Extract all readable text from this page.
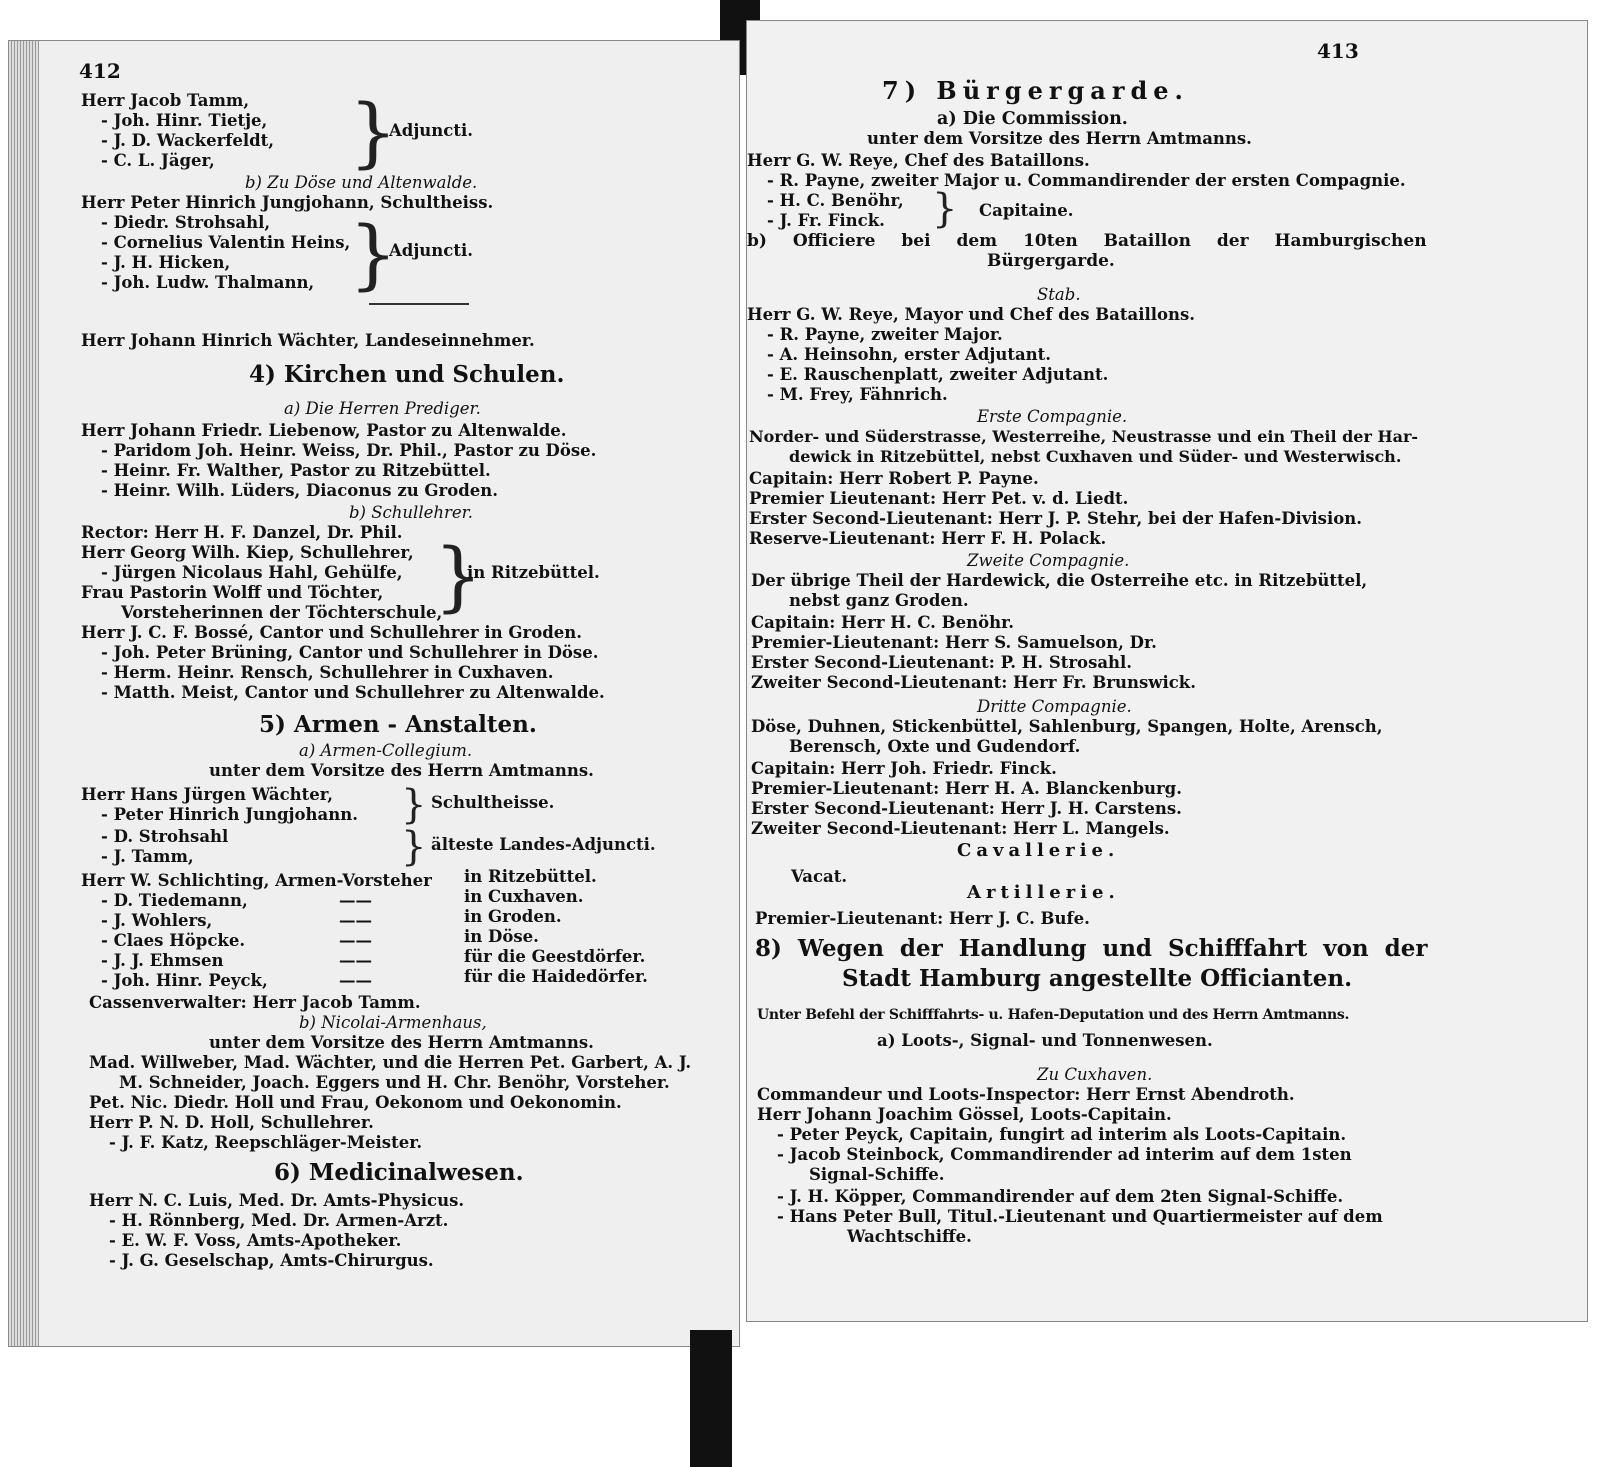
412
Herr Jacob Tamm,
- Joh. Hinr. Tietje,
- J. D. Wackerfeldt,
- C. L. Jäger, }
Adjuncti.
b) Zu Döse und Altenwalde.
Herr Peter Hinrich Jungjohann, Schultheiss.
- Diedr. Strohsahl,
- Cornelius Valentin Heins,
- J. H. Hicken,
- Joh. Ludw. Thalmann, }
Adjuncti.
Herr Johann Hinrich Wächter, Landeseinnehmer.
4) Kirchen und Schulen.
a) Die Herren Prediger.
Herr Johann Friedr. Liebenow, Pastor zu Altenwalde.
- Paridom Joh. Heinr. Weiss, Dr. Phil., Pastor zu Döse.
- Heinr. Fr. Walther, Pastor zu Ritzebüttel.
- Heinr. Wilh. Lüders, Diaconus zu Groden.
b) Schullehrer.
Rector: Herr H. F. Danzel, Dr. Phil.
Herr Georg Wilh. Kiep, Schullehrer,
- Jürgen Nicolaus Hahl, Gehülfe,
Frau Pastorin Wolff und Töchter,
Vorsteherinnen der Töchterschule,
}
in Ritzebüttel.
Herr J. C. F. Bossé, Cantor und Schullehrer in Groden.
- Joh. Peter Brüning, Cantor und Schullehrer in Döse.
- Herm. Heinr. Rensch, Schullehrer in Cuxhaven.
- Matth. Meist, Cantor und Schullehrer zu Altenwalde.
5) Armen - Anstalten.
a) Armen-Collegium.
unter dem Vorsitze des Herrn Amtmanns.
Herr Hans Jürgen Wächter,
- Peter Hinrich Jungjohann. } Schultheisse.
- D. Strohsahl
- J. Tamm,	} älteste Landes-Adjuncti.
Herr W. Schlichting, Armen-Vorsteher in Ritzebüttel.
- D. Tiedemann,	——	in Cuxhaven.
- J. Wohlers,	——	in Groden.
- Claes Höpcke.	——	in Döse.
- J. J. Ehmsen	——	für die Geestdörfer.
- Joh. Hinr. Peyck,	——	für die Haidedörfer.
Cassenverwalter: Herr Jacob Tamm.
b) Nicolai-Armenhaus,
unter dem Vorsitze des Herrn Amtmanns.
Mad. Willweber, Mad. Wächter, und die Herren Pet. Garbert, A. J.
M. Schneider, Joach. Eggers und H. Chr. Benöhr, Vorsteher.
Pet. Nic. Diedr. Holl und Frau, Oekonom und Oekonomin.
Herr P. N. D. Holl, Schullehrer.
- J. F. Katz, Reepschläger-Meister.
6) Medicinalwesen.
Herr N. C. Luis, Med. Dr. Amts-Physicus.
- H. Rönnberg, Med. Dr. Armen-Arzt.
- E. W. F. Voss, Amts-Apotheker.
- J. G. Geselschap, Amts-Chirurgus.
413
7) Bürgergarde.
a) Die Commission.
unter dem Vorsitze des Herrn Amtmanns.
Herr G. W. Reye, Chef des Bataillons.
- R. Payne, zweiter Major u. Commandirender der ersten Compagnie.
- H. C. Benöhr,
- J. Fr. Finck. } Capitaine.
b) Officiere bei dem 10ten Bataillon der Hamburgischen
Bürgergarde.
Stab.
Herr G. W. Reye, Mayor und Chef des Bataillons.
- R. Payne, zweiter Major.
- A. Heinsohn, erster Adjutant.
- E. Rauschenplatt, zweiter Adjutant.
- M. Frey, Fähnrich.
Erste Compagnie.
Norder- und Süderstrasse, Westerreihe, Neustrasse und ein Theil der Har-
dewick in Ritzebüttel, nebst Cuxhaven und Süder- und Westerwisch.
Capitain: Herr Robert P. Payne.
Premier Lieutenant: Herr Pet. v. d. Liedt.
Erster Second-Lieutenant: Herr J. P. Stehr, bei der Hafen-Division.
Reserve-Lieutenant: Herr F. H. Polack.
Zweite Compagnie.
Der übrige Theil der Hardewick, die Osterreihe etc. in Ritzebüttel,
nebst ganz Groden.
Capitain: Herr H. C. Benöhr.
Premier-Lieutenant: Herr S. Samuelson, Dr.
Erster Second-Lieutenant: P. H. Strosahl.
Zweiter Second-Lieutenant: Herr Fr. Brunswick.
Dritte Compagnie.
Döse, Duhnen, Stickenbüttel, Sahlenburg, Spangen, Holte, Arensch,
Berensch, Oxte und Gudendorf.
Capitain: Herr Joh. Friedr. Finck.
Premier-Lieutenant: Herr H. A. Blanckenburg.
Erster Second-Lieutenant: Herr J. H. Carstens.
Zweiter Second-Lieutenant: Herr L. Mangels.
Cavallerie.
Vacat.
Artillerie.
Premier-Lieutenant: Herr J. C. Bufe.
8) Wegen der Handlung und Schifffahrt von der
Stadt Hamburg angestellte Officianten.
Unter Befehl der Schifffahrts- u. Hafen-Deputation und des Herrn Amtmanns.
a) Loots-, Signal- und Tonnenwesen.
Zu Cuxhaven.
Commandeur und Loots-Inspector: Herr Ernst Abendroth.
Herr Johann Joachim Gössel, Loots-Capitain.
- Peter Peyck, Capitain, fungirt ad interim als Loots-Capitain.
- Jacob Steinbock, Commandirender ad interim auf dem 1sten
Signal-Schiffe.
- J. H. Köpper, Commandirender auf dem 2ten Signal-Schiffe.
- Hans Peter Bull, Titul.-Lieutenant und Quartiermeister auf dem
Wachtschiffe.
